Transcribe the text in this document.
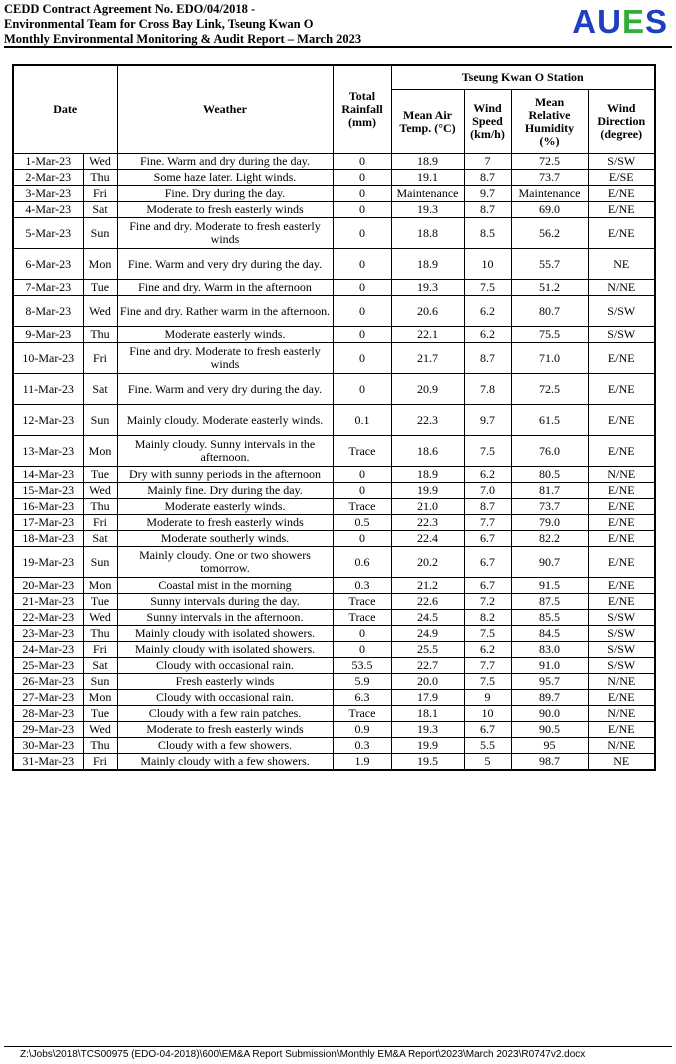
CEDD Contract Agreement No. EDO/04/2018 -
Environmental Team for Cross Bay Link, Tseung Kwan O
Monthly Environmental Monitoring & Audit Report – March 2023	AUES
Date		Weather	Total Rainfall (mm)	Tseung Kwan O Station			
				Mean Air Temp. (°C)	Wind Speed (km/h)	Mean Relative Humidity (%)	Wind Direction (degree)
1-Mar-23	Wed	Fine. Warm and dry during the day.	0	18.9	7	72.5	S/SW
2-Mar-23	Thu	Some haze later. Light winds.	0	19.1	8.7	73.7	E/SE
3-Mar-23	Fri	Fine. Dry during the day.	0	Maintenance	9.7	Maintenance	E/NE
4-Mar-23	Sat	Moderate to fresh easterly winds	0	19.3	8.7	69.0	E/NE
5-Mar-23	Sun	Fine and dry. Moderate to fresh easterly winds	0	18.8	8.5	56.2	E/NE
6-Mar-23	Mon	Fine. Warm and very dry during the day.	0	18.9	10	55.7	NE
7-Mar-23	Tue	Fine and dry. Warm in the afternoon	0	19.3	7.5	51.2	N/NE
8-Mar-23	Wed	Fine and dry. Rather warm in the afternoon.	0	20.6	6.2	80.7	S/SW
9-Mar-23	Thu	Moderate easterly winds.	0	22.1	6.2	75.5	S/SW
10-Mar-23	Fri	Fine and dry. Moderate to fresh easterly winds	0	21.7	8.7	71.0	E/NE
11-Mar-23	Sat	Fine. Warm and very dry during the day.	0	20.9	7.8	72.5	E/NE
12-Mar-23	Sun	Mainly cloudy. Moderate easterly winds.	0.1	22.3	9.7	61.5	E/NE
13-Mar-23	Mon	Mainly cloudy. Sunny intervals in the afternoon.	Trace	18.6	7.5	76.0	E/NE
14-Mar-23	Tue	Dry with sunny periods in the afternoon	0	18.9	6.2	80.5	N/NE
15-Mar-23	Wed	Mainly fine. Dry during the day.	0	19.9	7.0	81.7	E/NE
16-Mar-23	Thu	Moderate easterly winds.	Trace	21.0	8.7	73.7	E/NE
17-Mar-23	Fri	Moderate to fresh easterly winds	0.5	22.3	7.7	79.0	E/NE
18-Mar-23	Sat	Moderate southerly winds.	0	22.4	6.7	82.2	E/NE
19-Mar-23	Sun	Mainly cloudy. One or two showers tomorrow.	0.6	20.2	6.7	90.7	E/NE
20-Mar-23	Mon	Coastal mist in the morning	0.3	21.2	6.7	91.5	E/NE
21-Mar-23	Tue	Sunny intervals during the day.	Trace	22.6	7.2	87.5	E/NE
22-Mar-23	Wed	Sunny intervals in the afternoon.	Trace	24.5	8.2	85.5	S/SW
23-Mar-23	Thu	Mainly cloudy with isolated showers.	0	24.9	7.5	84.5	S/SW
24-Mar-23	Fri	Mainly cloudy with isolated showers.	0	25.5	6.2	83.0	S/SW
25-Mar-23	Sat	Cloudy with occasional rain.	53.5	22.7	7.7	91.0	S/SW
26-Mar-23	Sun	Fresh easterly winds	5.9	20.0	7.5	95.7	N/NE
27-Mar-23	Mon	Cloudy with occasional rain.	6.3	17.9	9	89.7	E/NE
28-Mar-23	Tue	Cloudy with a few rain patches.	Trace	18.1	10	90.0	N/NE
29-Mar-23	Wed	Moderate to fresh easterly winds	0.9	19.3	6.7	90.5	E/NE
30-Mar-23	Thu	Cloudy with a few showers.	0.3	19.9	5.5	95	N/NE
31-Mar-23	Fri	Mainly cloudy with a few showers.	1.9	19.5	5	98.7	NE
Z:\Jobs\2018\TCS00975 (EDO-04-2018)\600\EM&A Report Submission\Monthly EM&A Report\2023\March 2023\R0747v2.docx
